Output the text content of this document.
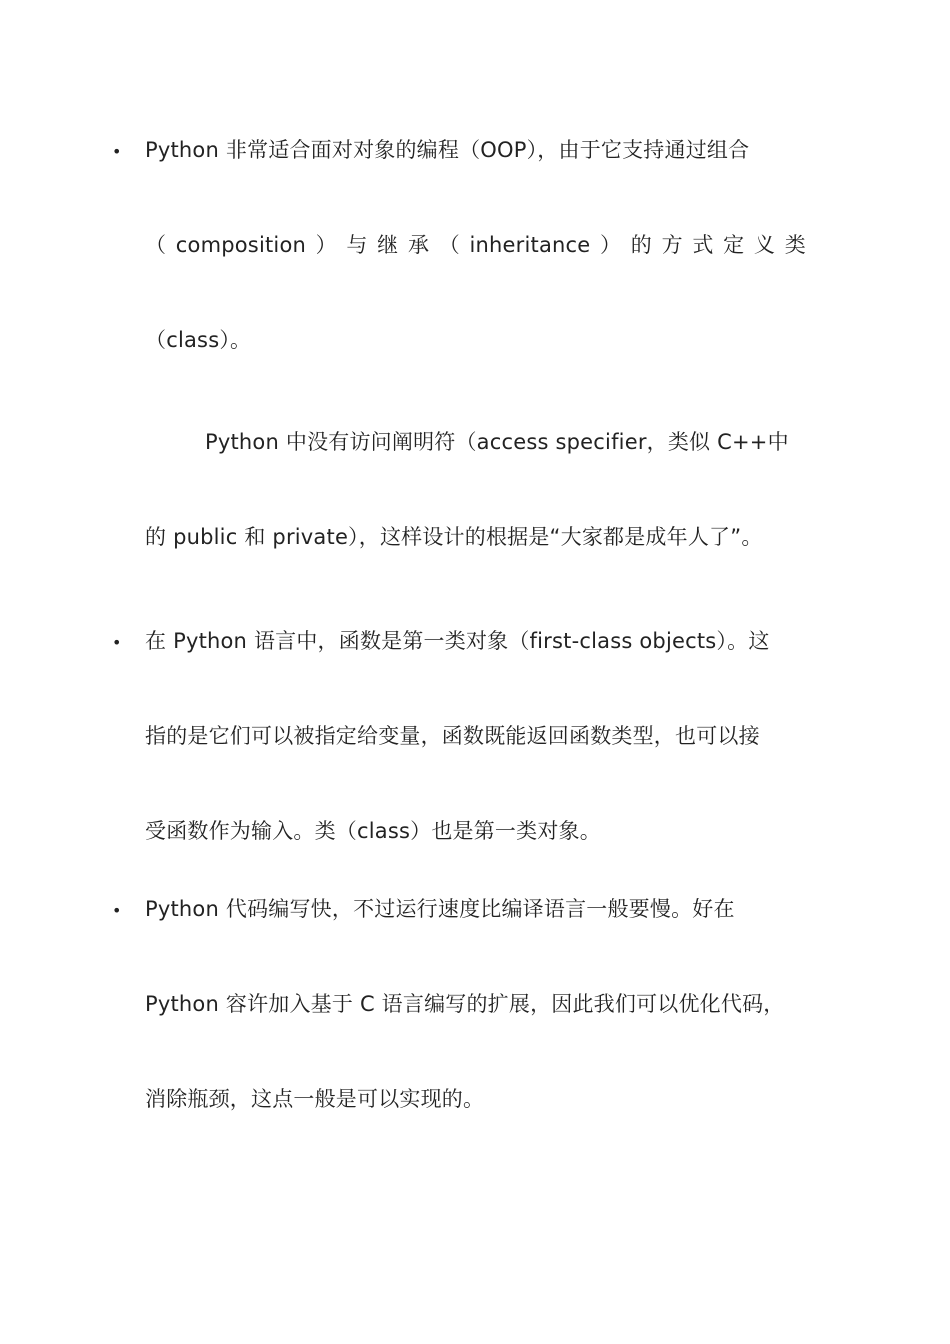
• Python 非常适合面对对象的编程（OOP），由于它支持通过组合
（ composition ） 与 继 承 （ inheritance ） 的 方 式 定 义 类
（class）。
Python 中没有访问阐明符（access specifier，类似 C++中
的 public 和 private），这样设计的根据是“大家都是成年人了”。
• 在 Python 语言中，函数是第一类对象（first-class objects）。这
指的是它们可以被指定给变量，函数既能返回函数类型，也可以接
受函数作为输入。类（class）也是第一类对象。
• Python 代码编写快，不过运行速度比编译语言一般要慢。好在
Python 容许加入基于 C 语言编写的扩展，因此我们可以优化代码，
消除瓶颈，这点一般是可以实现的。
